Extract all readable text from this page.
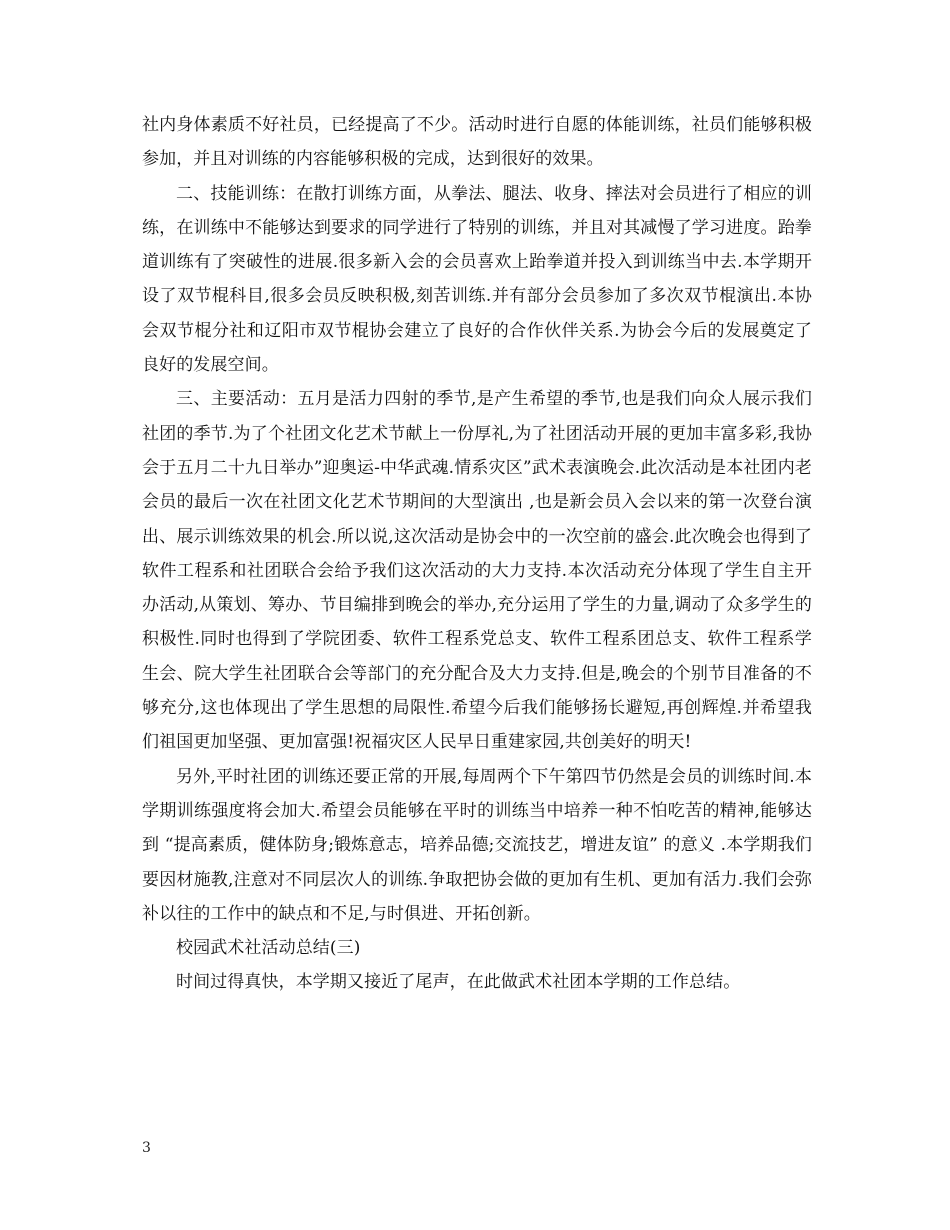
社内身体素质不好社员，已经提高了不少。活动时进行自愿的体能训练，社员们能够积极参加，并且对训练的内容能够积极的完成，达到很好的效果。

二、技能训练：在散打训练方面，从拳法、腿法、收身、摔法对会员进行了相应的训练，在训练中不能够达到要求的同学进行了特别的训练，并且对其减慢了学习进度。跆拳道训练有了突破性的进展.很多新入会的会员喜欢上跆拳道并投入到训练当中去.本学期开设了双节棍科目,很多会员反映积极,刻苦训练.并有部分会员参加了多次双节棍演出.本协会双节棍分社和辽阳市双节棍协会建立了良好的合作伙伴关系.为协会今后的发展奠定了良好的发展空间。

三、主要活动：五月是活力四射的季节,是产生希望的季节,也是我们向众人展示我们社团的季节.为了个社团文化艺术节献上一份厚礼,为了社团活动开展的更加丰富多彩,我协会于五月二十九日举办”迎奥运-中华武魂.情系灾区”武术表演晚会.此次活动是本社团内老会员的最后一次在社团文化艺术节期间的大型演出 ,也是新会员入会以来的第一次登台演出、展示训练效果的机会.所以说,这次活动是协会中的一次空前的盛会.此次晚会也得到了软件工程系和社团联合会给予我们这次活动的大力支持.本次活动充分体现了学生自主开办活动,从策划、筹办、节目编排到晚会的举办,充分运用了学生的力量,调动了众多学生的积极性.同时也得到了学院团委、软件工程系党总支、软件工程系团总支、软件工程系学生会、院大学生社团联合会等部门的充分配合及大力支持.但是,晚会的个别节目准备的不够充分,这也体现出了学生思想的局限性.希望今后我们能够扬长避短,再创辉煌.并希望我们祖国更加坚强、更加富强!祝福灾区人民早日重建家园,共创美好的明天!

另外,平时社团的训练还要正常的开展,每周两个下午第四节仍然是会员的训练时间.本学期训练强度将会加大.希望会员能够在平时的训练当中培养一种不怕吃苦的精神,能够达到 “提高素质，健体防身;锻炼意志，培养品德;交流技艺，增进友谊” 的意义 .本学期我们要因材施教,注意对不同层次人的训练.争取把协会做的更加有生机、更加有活力.我们会弥补以往的工作中的缺点和不足,与时俱进、开拓创新。

校园武术社活动总结(三)

时间过得真快，本学期又接近了尾声，在此做武术社团本学期的工作总结。

3
